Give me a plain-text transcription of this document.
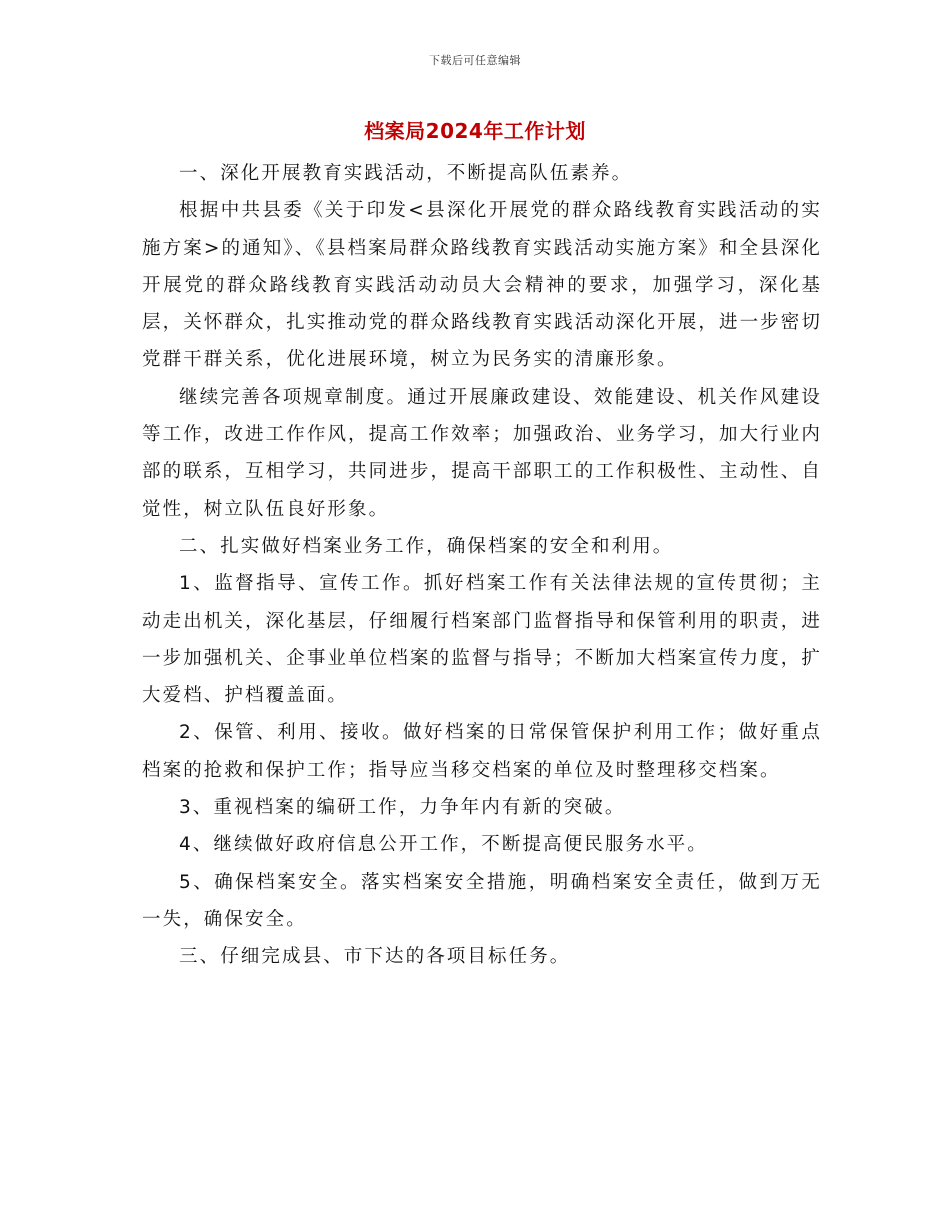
下载后可任意编辑
档案局2024年工作计划

一、深化开展教育实践活动，不断提高队伍素养。

根据中共县委《关于印发<县深化开展党的群众路线教育实践活动的实施方案>的通知》、《县档案局群众路线教育实践活动实施方案》和全县深化开展党的群众路线教育实践活动动员大会精神的要求，加强学习，深化基层，关怀群众，扎实推动党的群众路线教育实践活动深化开展，进一步密切党群干群关系，优化进展环境，树立为民务实的清廉形象。

继续完善各项规章制度。通过开展廉政建设、效能建设、机关作风建设等工作，改进工作作风，提高工作效率；加强政治、业务学习，加大行业内部的联系，互相学习，共同进步，提高干部职工的工作积极性、主动性、自觉性，树立队伍良好形象。

二、扎实做好档案业务工作，确保档案的安全和利用。

1、监督指导、宣传工作。抓好档案工作有关法律法规的宣传贯彻；主动走出机关，深化基层，仔细履行档案部门监督指导和保管利用的职责，进一步加强机关、企事业单位档案的监督与指导；不断加大档案宣传力度，扩大爱档、护档覆盖面。

2、保管、利用、接收。做好档案的日常保管保护利用工作；做好重点档案的抢救和保护工作；指导应当移交档案的单位及时整理移交档案。

3、重视档案的编研工作，力争年内有新的突破。

4、继续做好政府信息公开工作，不断提高便民服务水平。

5、确保档案安全。落实档案安全措施，明确档案安全责任，做到万无一失，确保安全。

三、仔细完成县、市下达的各项目标任务。
